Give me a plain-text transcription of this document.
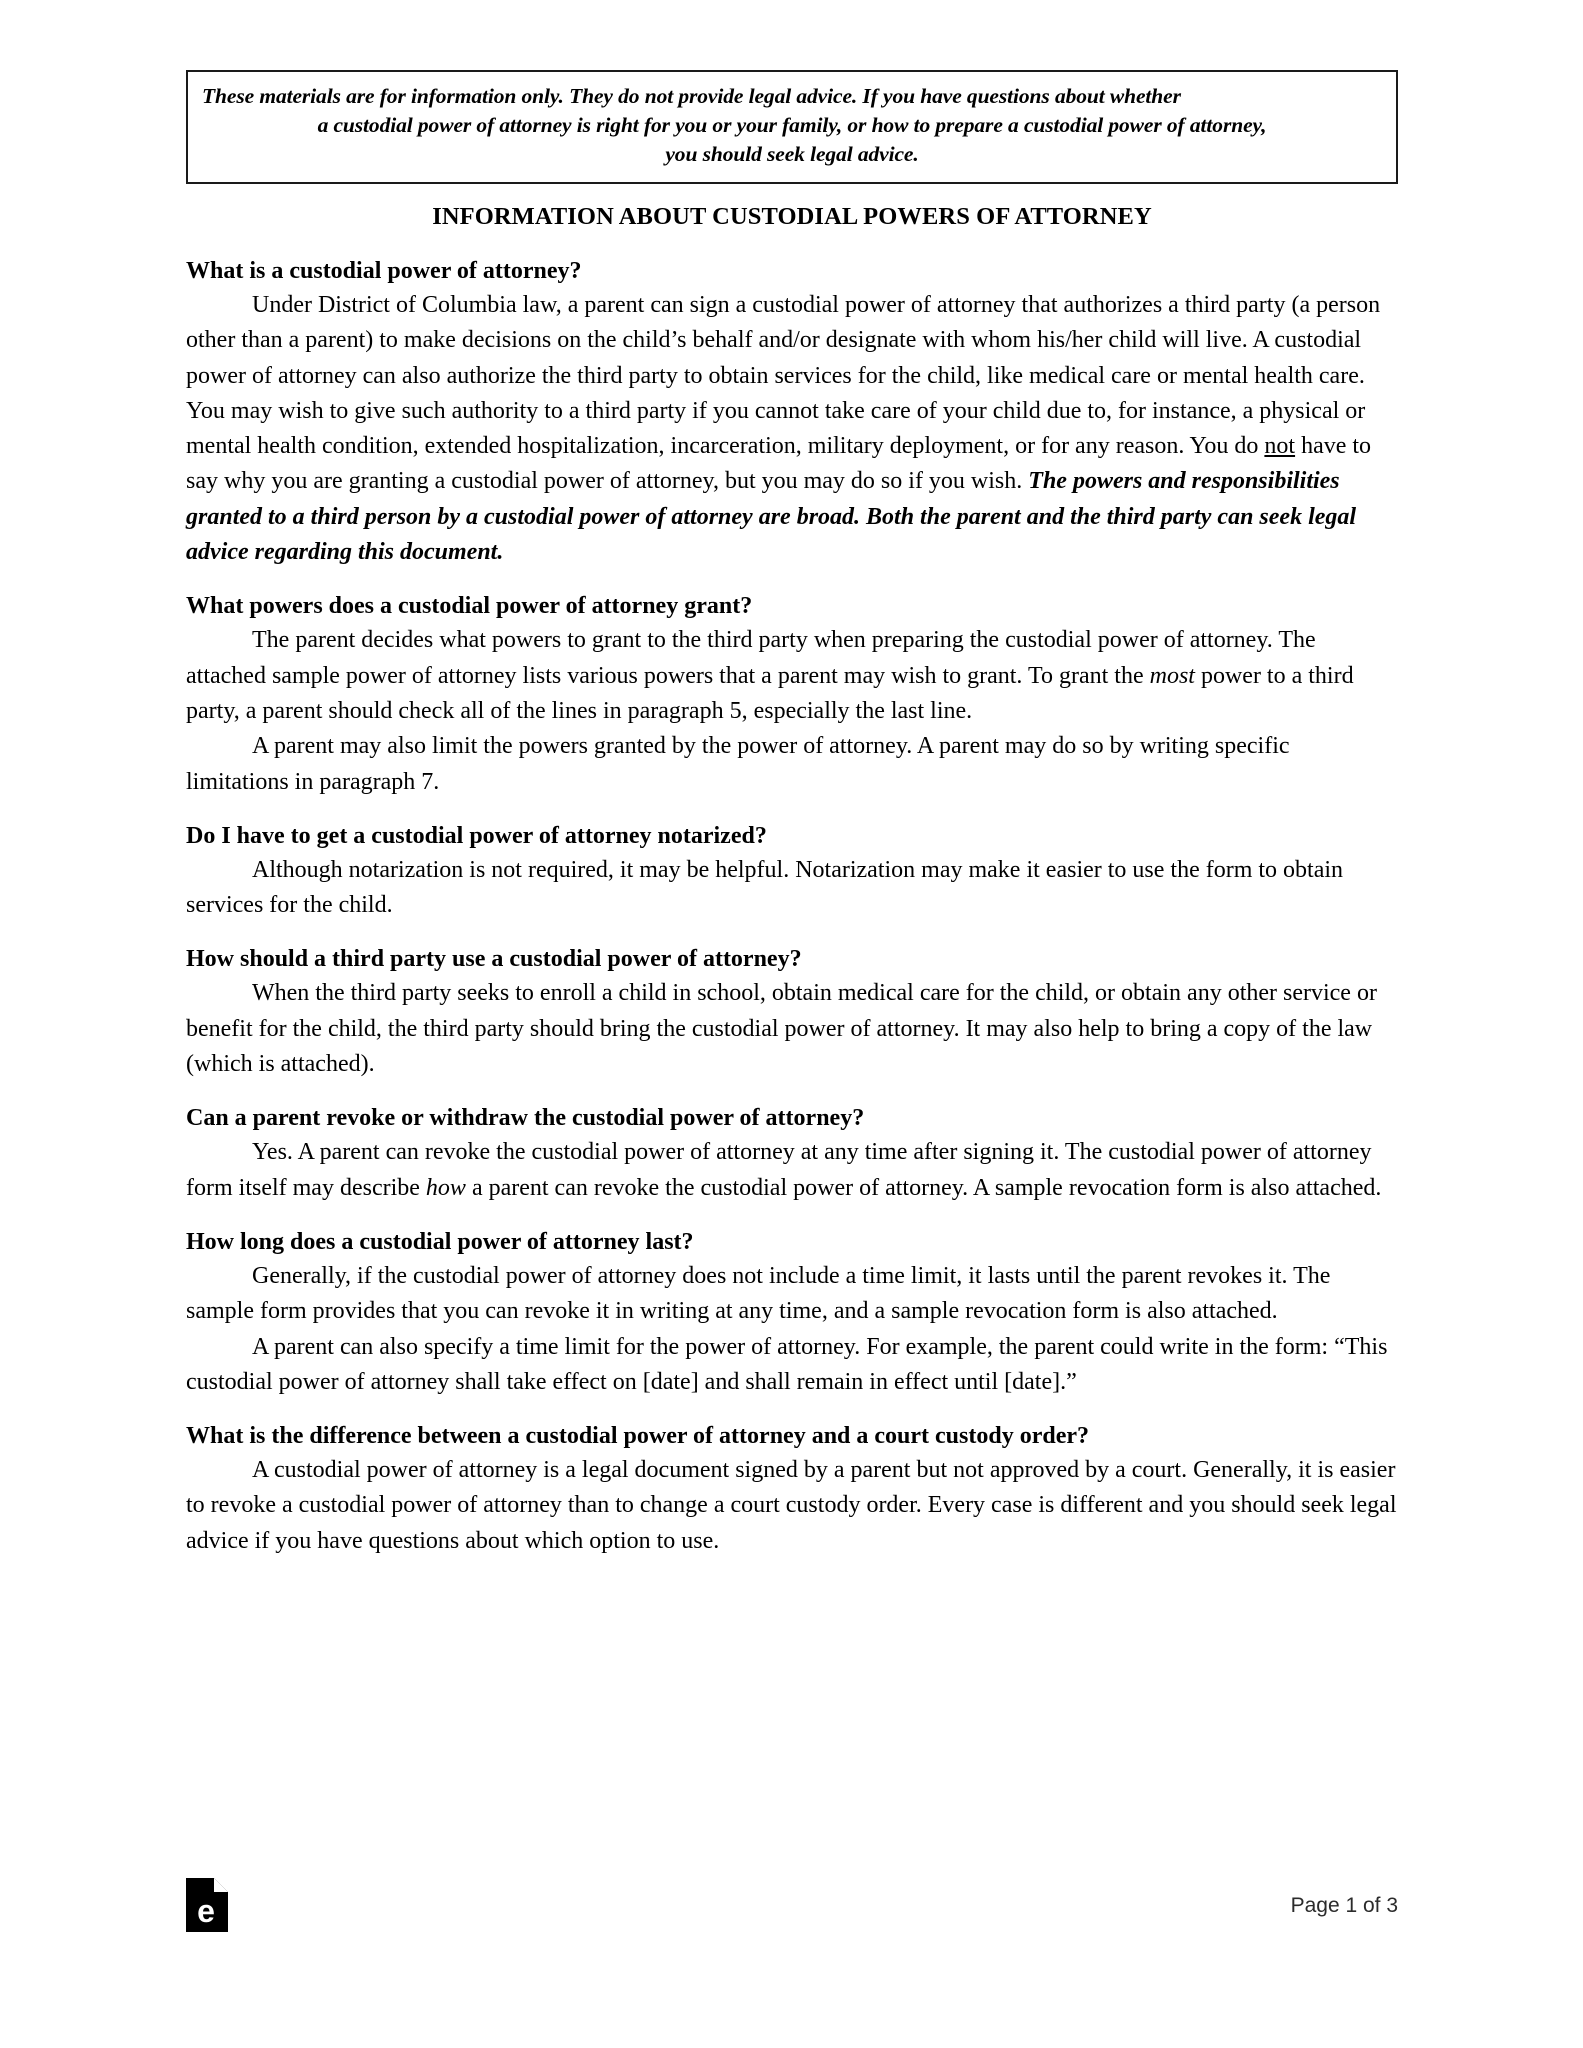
These materials are for information only. They do not provide legal advice. If you have questions about whether
a custodial power of attorney is right for you or your family, or how to prepare a custodial power of attorney,
you should seek legal advice.
INFORMATION ABOUT CUSTODIAL POWERS OF ATTORNEY
What is a custodial power of attorney?

Under District of Columbia law, a parent can sign a custodial power of attorney that authorizes a third party (a person other than a parent) to make decisions on the child’s behalf and/or designate with whom his/her child will live. A custodial power of attorney can also authorize the third party to obtain services for the child, like medical care or mental health care. You may wish to give such authority to a third party if you cannot take care of your child due to, for instance, a physical or mental health condition, extended hospitalization, incarceration, military deployment, or for any reason. You do not have to say why you are granting a custodial power of attorney, but you may do so if you wish. The powers and responsibilities granted to a third person by a custodial power of attorney are broad. Both the parent and the third party can seek legal advice regarding this document.

What powers does a custodial power of attorney grant?

The parent decides what powers to grant to the third party when preparing the custodial power of attorney. The attached sample power of attorney lists various powers that a parent may wish to grant. To grant the most power to a third party, a parent should check all of the lines in paragraph 5, especially the last line.

A parent may also limit the powers granted by the power of attorney. A parent may do so by writing specific limitations in paragraph 7.

Do I have to get a custodial power of attorney notarized?

Although notarization is not required, it may be helpful. Notarization may make it easier to use the form to obtain services for the child.

How should a third party use a custodial power of attorney?

When the third party seeks to enroll a child in school, obtain medical care for the child, or obtain any other service or benefit for the child, the third party should bring the custodial power of attorney. It may also help to bring a copy of the law (which is attached).

Can a parent revoke or withdraw the custodial power of attorney?

Yes. A parent can revoke the custodial power of attorney at any time after signing it. The custodial power of attorney form itself may describe how a parent can revoke the custodial power of attorney. A sample revocation form is also attached.

How long does a custodial power of attorney last?

Generally, if the custodial power of attorney does not include a time limit, it lasts until the parent revokes it. The sample form provides that you can revoke it in writing at any time, and a sample revocation form is also attached.

A parent can also specify a time limit for the power of attorney. For example, the parent could write in the form: “This custodial power of attorney shall take effect on [date] and shall remain in effect until [date].”

What is the difference between a custodial power of attorney and a court custody order?

A custodial power of attorney is a legal document signed by a parent but not approved by a court. Generally, it is easier to revoke a custodial power of attorney than to change a court custody order. Every case is different and you should seek legal advice if you have questions about which option to use.

e	Page 1 of 3
